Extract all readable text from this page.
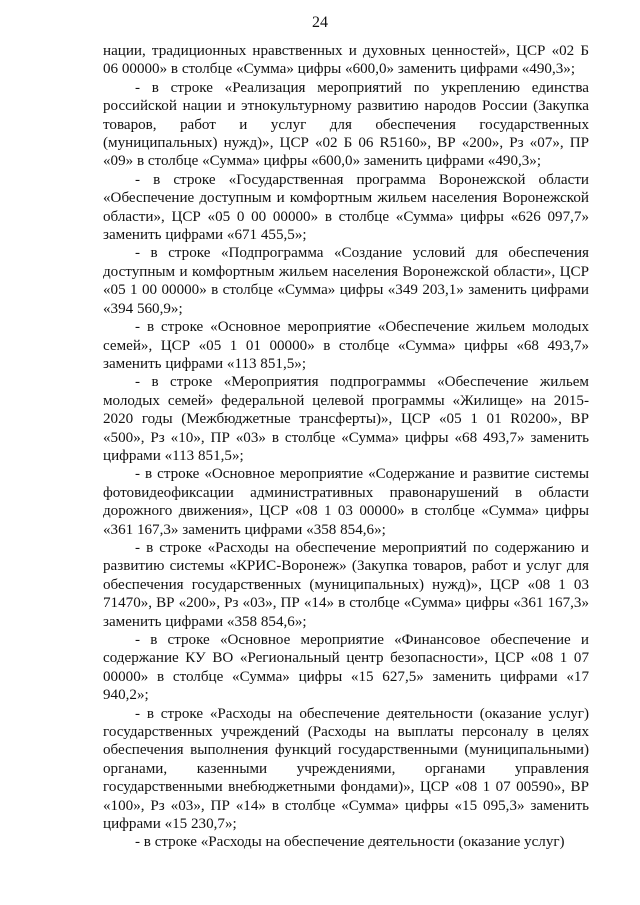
24

нации, традиционных нравственных и духовных ценностей», ЦСР «02 Б 06 00000» в столбце «Сумма» цифры «600,0» заменить цифрами «490,3»;

- в строке «Реализация мероприятий по укреплению единства российской нации и этнокультурному развитию народов России (Закупка товаров, работ и услуг для обеспечения государственных (муниципальных) нужд)», ЦСР «02 Б 06 R5160», ВР «200», Рз «07», ПР «09» в столбце «Сумма» цифры «600,0» заменить цифрами «490,3»;

- в строке «Государственная программа Воронежской области «Обеспечение доступным и комфортным жильем населения Воронежской области», ЦСР «05 0 00 00000» в столбце «Сумма» цифры «626 097,7» заменить цифрами «671 455,5»;

- в строке «Подпрограмма «Создание условий для обеспечения доступным и комфортным жильем населения Воронежской области», ЦСР «05 1 00 00000» в столбце «Сумма» цифры «349 203,1» заменить цифрами «394 560,9»;

- в строке «Основное мероприятие «Обеспечение жильем молодых семей», ЦСР «05 1 01 00000» в столбце «Сумма» цифры «68 493,7» заменить цифрами «113 851,5»;

- в строке «Мероприятия подпрограммы «Обеспечение жильем молодых семей» федеральной целевой программы «Жилище» на 2015-2020 годы (Межбюджетные трансферты)», ЦСР «05 1 01 R0200», ВР «500», Рз «10», ПР «03» в столбце «Сумма» цифры «68 493,7» заменить цифрами «113 851,5»;

- в строке «Основное мероприятие «Содержание и развитие системы фотовидеофиксации административных правонарушений в области дорожного движения», ЦСР «08 1 03 00000» в столбце «Сумма» цифры «361 167,3» заменить цифрами «358 854,6»;

- в строке «Расходы на обеспечение мероприятий по содержанию и развитию системы «КРИС-Воронеж» (Закупка товаров, работ и услуг для обеспечения государственных (муниципальных) нужд)», ЦСР «08 1 03 71470», ВР «200», Рз «03», ПР «14» в столбце «Сумма» цифры «361 167,3» заменить цифрами «358 854,6»;

- в строке «Основное мероприятие «Финансовое обеспечение и содержание КУ ВО «Региональный центр безопасности», ЦСР «08 1 07 00000» в столбце «Сумма» цифры «15 627,5» заменить цифрами «17 940,2»;

- в строке «Расходы на обеспечение деятельности (оказание услуг) государственных учреждений (Расходы на выплаты персоналу в целях обеспечения выполнения функций государственными (муниципальными) органами, казенными учреждениями, органами управления государственными внебюджетными фондами)», ЦСР «08 1 07 00590», ВР «100», Рз «03», ПР «14» в столбце «Сумма» цифры «15 095,3» заменить цифрами «15 230,7»;

- в строке «Расходы на обеспечение деятельности (оказание услуг)
